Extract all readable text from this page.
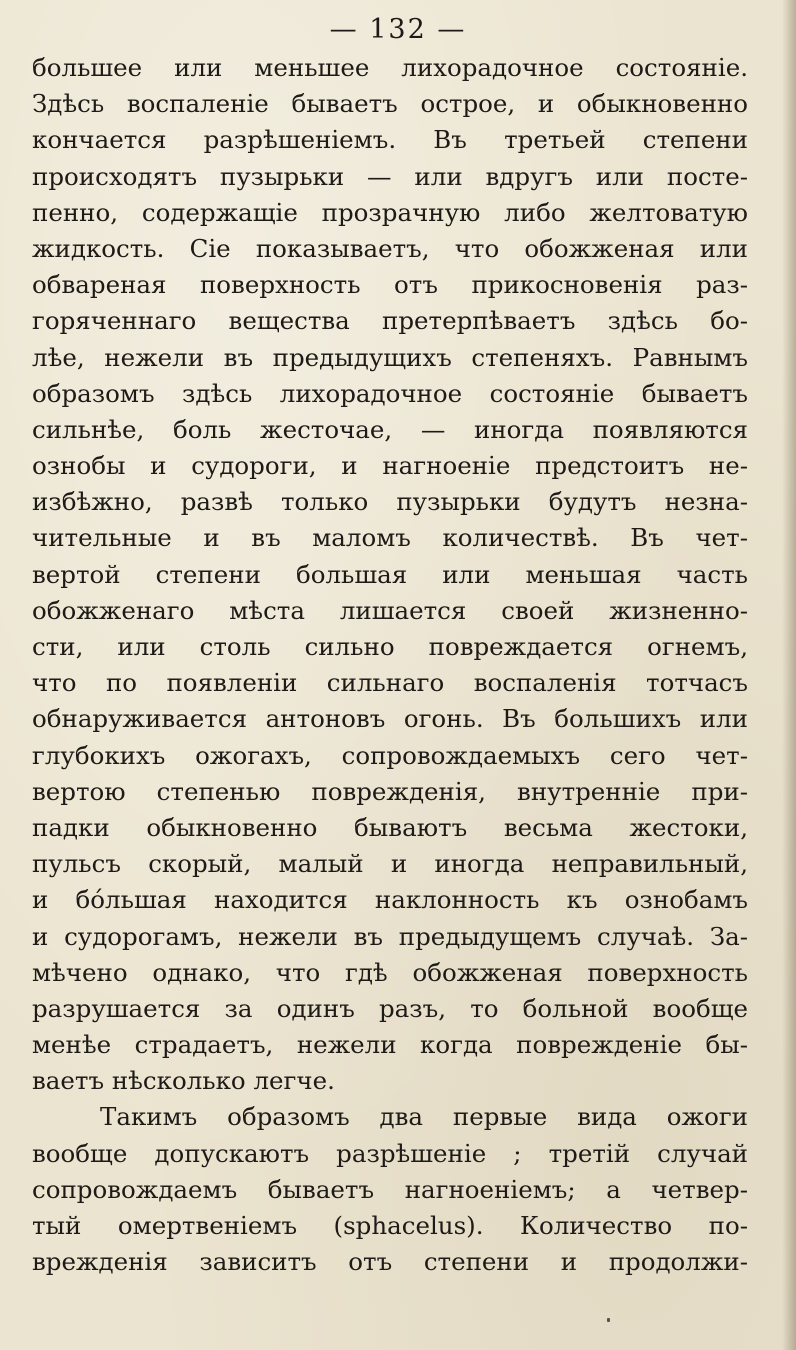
— 132 —
большее или меньшее лихорадочное состояніе.
Здѣсь воспаленіе бываетъ острое, и обыкновенно
кончается разрѣшеніемъ. Въ третьей степени
происходятъ пузырьки — или вдругъ или посте-
пенно, содержащіе прозрачную либо желтоватую
жидкость. Сіе показываетъ, что обожженая или
обвареная поверхность отъ прикосновенія раз-
горяченнаго вещества претерпѣваетъ здѣсь бо-
лѣе, нежели въ предыдущихъ степеняхъ. Равнымъ
образомъ здѣсь лихорадочное состояніе бываетъ
сильнѣе, боль жесточае, — иногда появляются
ознобы и судороги, и нагноеніе предстоитъ не-
избѣжно, развѣ только пузырьки будутъ незна-
чительные и въ маломъ количествѣ. Въ чет-
вертой степени большая или меньшая часть
обожженаго мѣста лишается своей жизненно-
сти, или столь сильно повреждается огнемъ,
что по появленіи сильнаго воспаленія тотчасъ
обнаруживается антоновъ огонь. Въ большихъ или
глубокихъ ожогахъ, сопровождаемыхъ сего чет-
вертою степенью поврежденія, внутренніе при-
падки обыкновенно бываютъ весьма жестоки,
пульсъ скорый, малый и иногда неправильный,
и бо́льшая находится наклонность къ ознобамъ
и судорогамъ, нежели въ предыдущемъ случаѣ. За-
мѣчено однако, что гдѣ обожженая поверхность
разрушается за одинъ разъ, то больной вообще
менѣе страдаетъ, нежели когда поврежденіе бы-
ваетъ нѣсколько легче.
Такимъ образомъ два первые вида ожоги
вообще допускаютъ разрѣшеніе ; третій случай
сопровождаемъ бываетъ нагноеніемъ; а четвер-
тый омертвеніемъ (sphacelus). Количество по-
врежденія зависитъ отъ степени и продолжи-
